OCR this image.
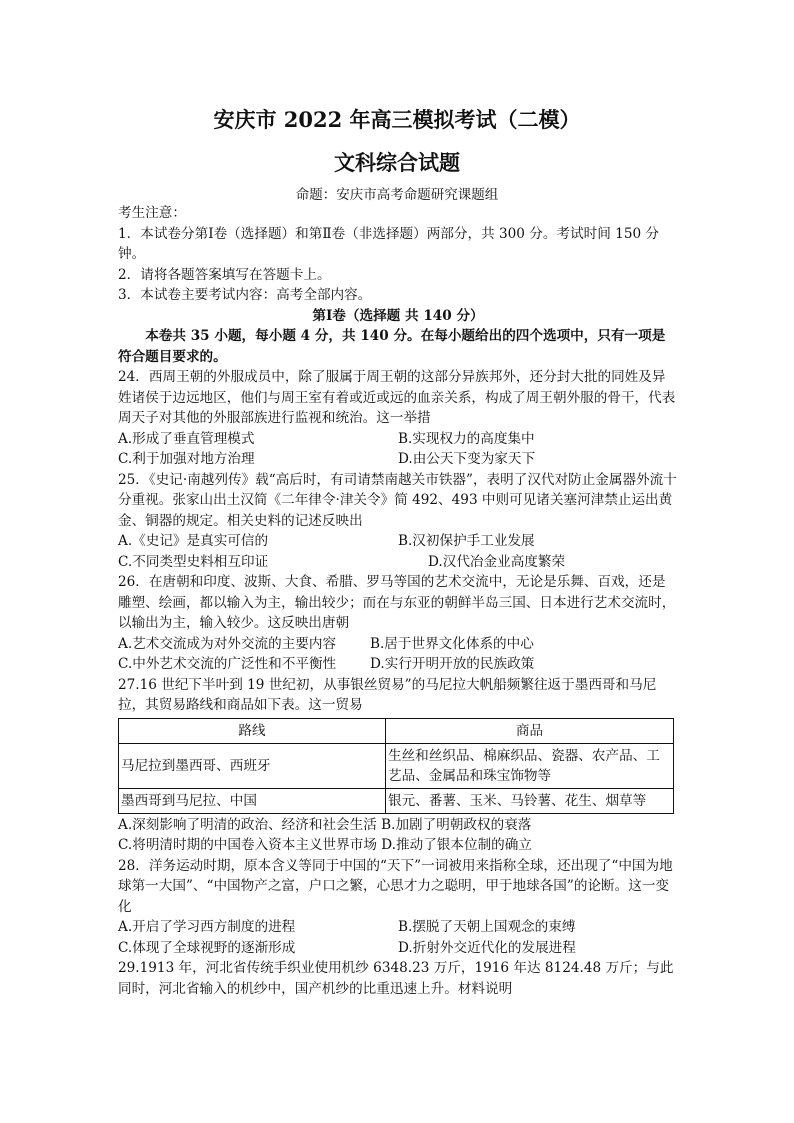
安庆市 2022 年高三模拟考试（二模）
文科综合试题
命题：安庆市高考命题研究课题组

考生注意：

1．本试卷分第Ⅰ卷（选择题）和第Ⅱ卷（非选择题）两部分，共 300 分。考试时间 150 分钟。

2．请将各题答案填写在答题卡上。

3．本试卷主要考试内容：高考全部内容。

第Ⅰ卷（选择题 共 140 分）

本卷共 35 小题，每小题 4 分，共 140 分。在每小题给出的四个选项中，只有一项是符合题目要求的。

24．西周王朝的外服成员中，除了服属于周王朝的这部分异族邦外，还分封大批的同姓及异姓诸侯于边远地区，他们与周王室有着或近或远的血亲关系，构成了周王朝外服的骨干，代表周天子对其他的外服部族进行监视和统治。这一举措

A.形成了垂直管理模式	B.实现权力的高度集中
C.利于加强对地方治理	D.由公天下变为家天下

25．《史记·南越列传》载“高后时，有司请禁南越关市铁器”，表明了汉代对防止金属器外流十分重视。张家山出土汉简《二年律令·津关令》简 492、493 中则可见诸关塞河津禁止运出黄金、铜器的规定。相关史料的记述反映出

A.《史记》是真实可信的	B.汉初保护手工业发展
C.不同类型史料相互印证	D.汉代冶金业高度繁荣

26．在唐朝和印度、波斯、大食、希腊、罗马等国的艺术交流中，无论是乐舞、百戏，还是雕塑、绘画，都以输入为主，输出较少；而在与东亚的朝鲜半岛三国、日本进行艺术交流时，以输出为主，输入较少。这反映出唐朝

A.艺术交流成为对外交流的主要内容	B.居于世界文化体系的中心
C.中外艺术交流的广泛性和不平衡性	D.实行开明开放的民族政策

27.16 世纪下半叶到 19 世纪初，从事银丝贸易”的马尼拉大帆船频繁往返于墨西哥和马尼拉，其贸易路线和商品如下表。这一贸易

路线	商品
马尼拉到墨西哥、西班牙	生丝和丝织品、棉麻织品、瓷器、农产品、工艺品、金属品和珠宝饰物等
墨西哥到马尼拉、中国	银元、番薯、玉米、马铃薯、花生、烟草等
A.深刻影响了明清的政治、经济和社会生活
B.加剧了明朝政权的衰落
C.将明清时期的中国卷入资本主义世界市场
D.推动了银本位制的确立

28．洋务运动时期，原本含义等同于中国的“天下”一词被用来指称全球，还出现了“中国为地球第一大国”、“中国物产之富，户口之繁，心思才力之聪明，甲于地球各国”的论断。这一变化

A.开启了学习西方制度的进程	B.摆脱了天朝上国观念的束缚
C.体现了全球视野的逐渐形成	D.折射外交近代化的发展进程

29.1913 年，河北省传统手织业使用机纱 6348.23 万斤，1916 年达 8124.48 万斤；与此同时，河北省输入的机纱中，国产机纱的比重迅速上升。材料说明
